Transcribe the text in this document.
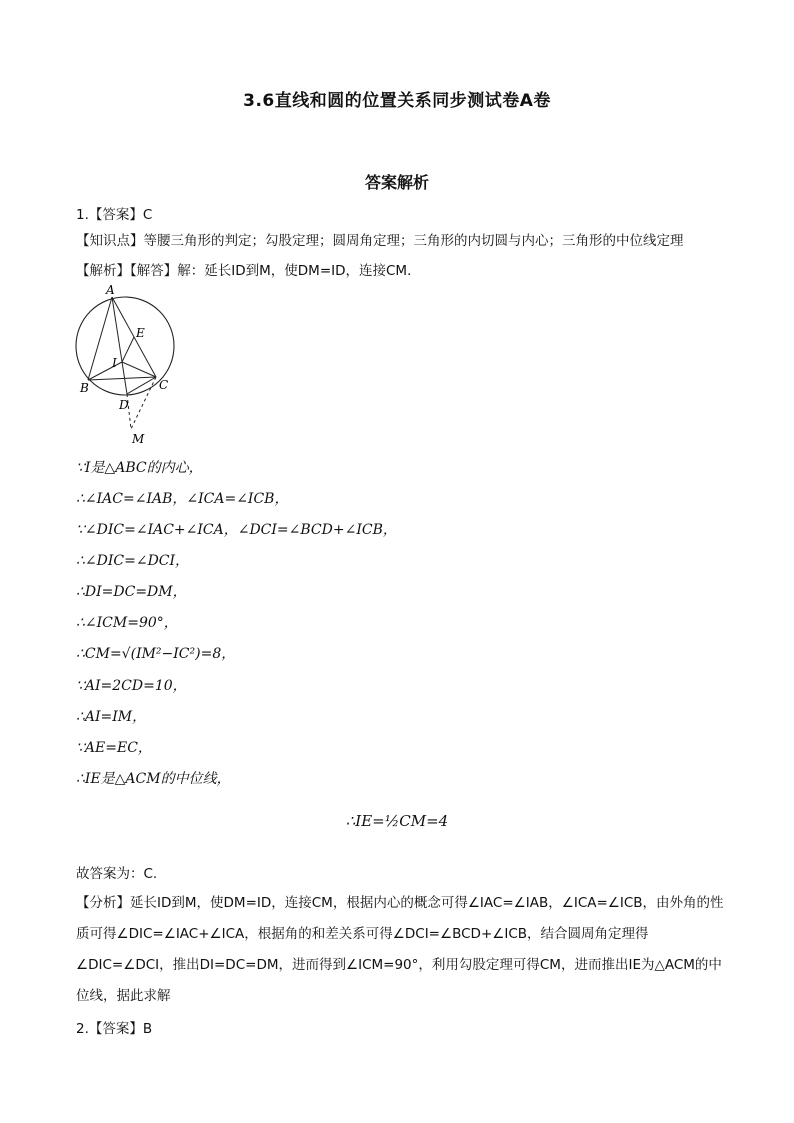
3.6直线和圆的位置关系同步测试卷A卷
答案解析
1.【答案】C
【知识点】等腰三角形的判定；勾股定理；圆周角定理；三角形的内切圆与内心；三角形的中位线定理
【解析】【解答】解：延长ID到M，使DM=ID，连接CM．
A
B	C
D
E
I
M
∵I是△ABC的内心，
∴∠IAC=∠IAB，∠ICA=∠ICB，
∵∠DIC=∠IAC+∠ICA，∠DCI=∠BCD+∠ICB，
∴∠DIC=∠DCI，
∴DI=DC=DM，
∴∠ICM=90°，
∴CM=√(IM²−IC²)=8，
∵AI=2CD=10，
∴AI=IM，
∵AE=EC，
∴IE是△ACM的中位线，
∴IE=½CM=4
故答案为：C.
【分析】延长ID到M，使DM=ID，连接CM，根据内心的概念可得∠IAC=∠IAB，∠ICA=∠ICB，由外角的性质可得∠DIC=∠IAC+∠ICA，根据角的和差关系可得∠DCI=∠BCD+∠ICB，结合圆周角定理得∠DIC=∠DCI，推出DI=DC=DM，进而得到∠ICM=90°，利用勾股定理可得CM，进而推出IE为△ACM的中位线，据此求解
2.【答案】B
